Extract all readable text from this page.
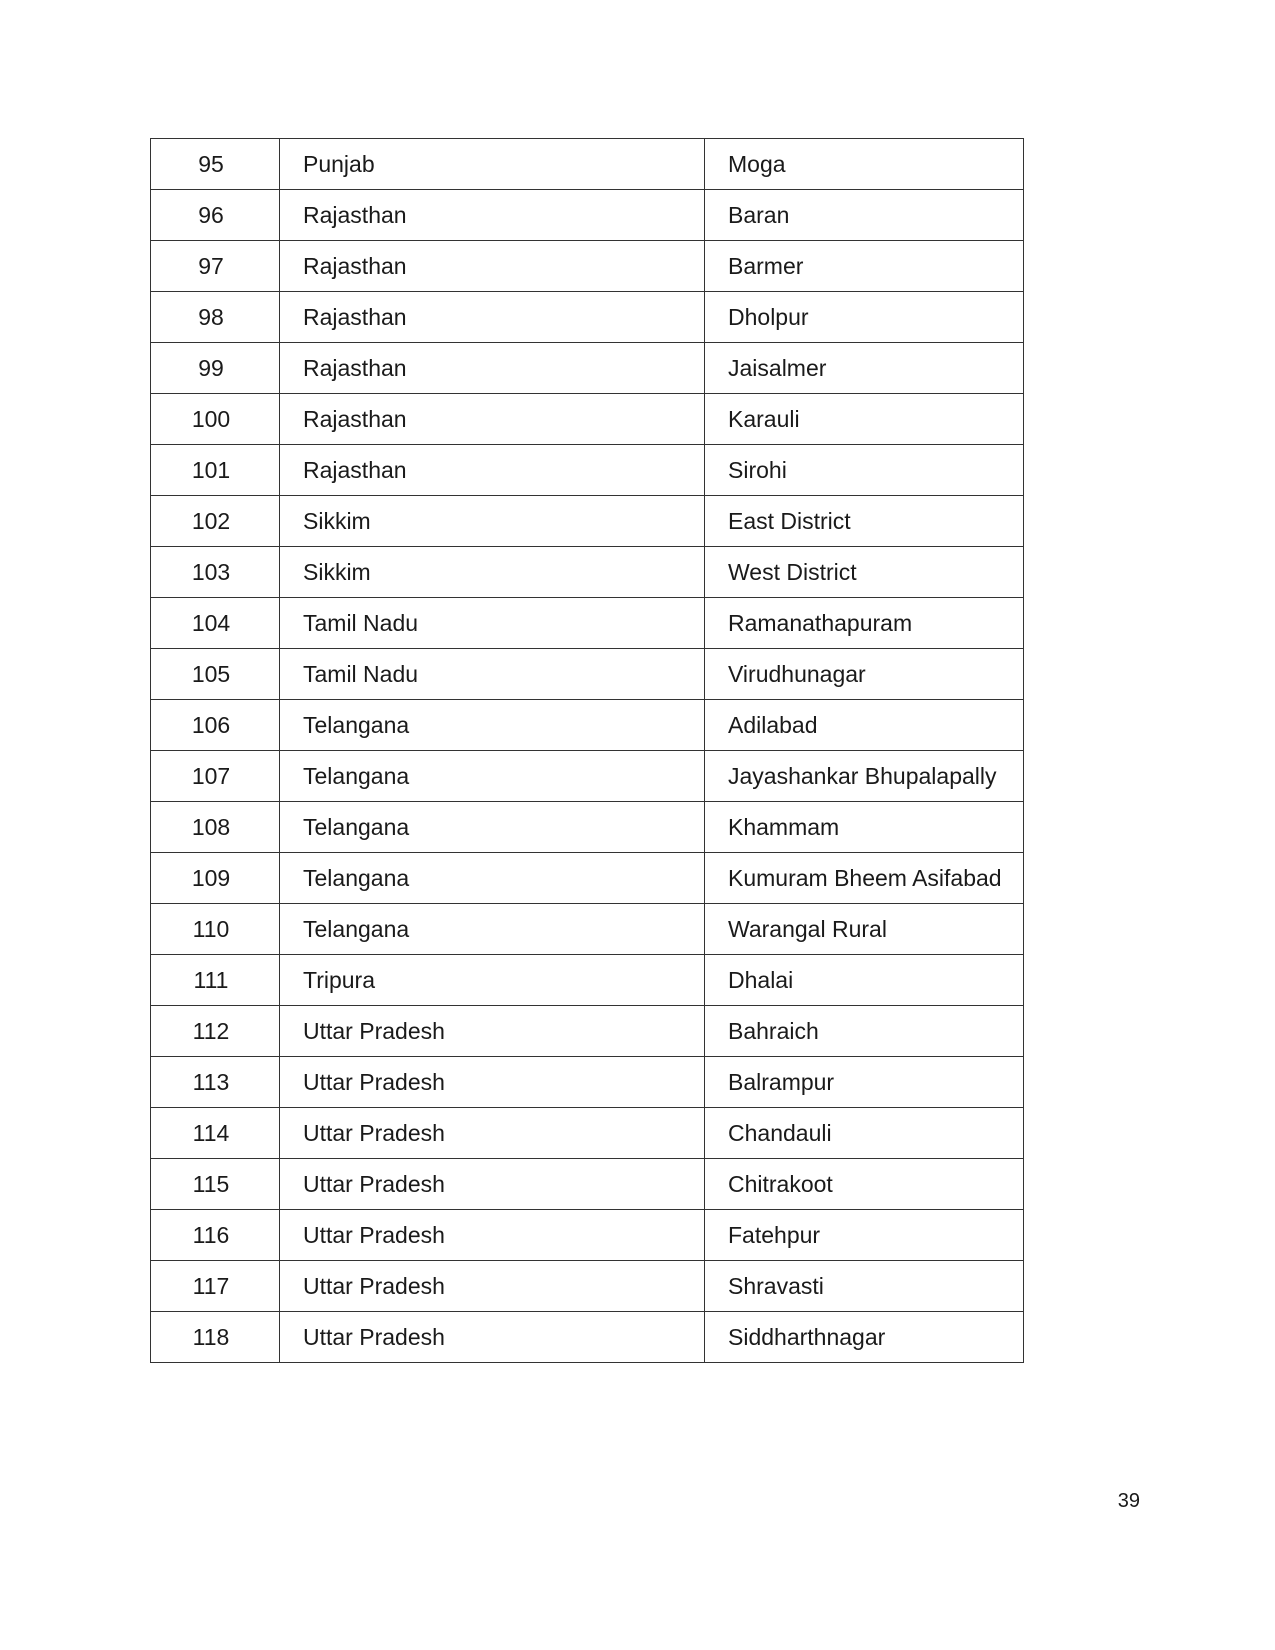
95	Punjab	Moga
96	Rajasthan	Baran
97	Rajasthan	Barmer
98	Rajasthan	Dholpur
99	Rajasthan	Jaisalmer
100	Rajasthan	Karauli
101	Rajasthan	Sirohi
102	Sikkim	East District
103	Sikkim	West District
104	Tamil Nadu	Ramanathapuram
105	Tamil Nadu	Virudhunagar
106	Telangana	Adilabad
107	Telangana	Jayashankar Bhupalapally
108	Telangana	Khammam
109	Telangana	Kumuram Bheem Asifabad
110	Telangana	Warangal Rural
111	Tripura	Dhalai
112	Uttar Pradesh	Bahraich
113	Uttar Pradesh	Balrampur
114	Uttar Pradesh	Chandauli
115	Uttar Pradesh	Chitrakoot
116	Uttar Pradesh	Fatehpur
117	Uttar Pradesh	Shravasti
118	Uttar Pradesh	Siddharthnagar
39
